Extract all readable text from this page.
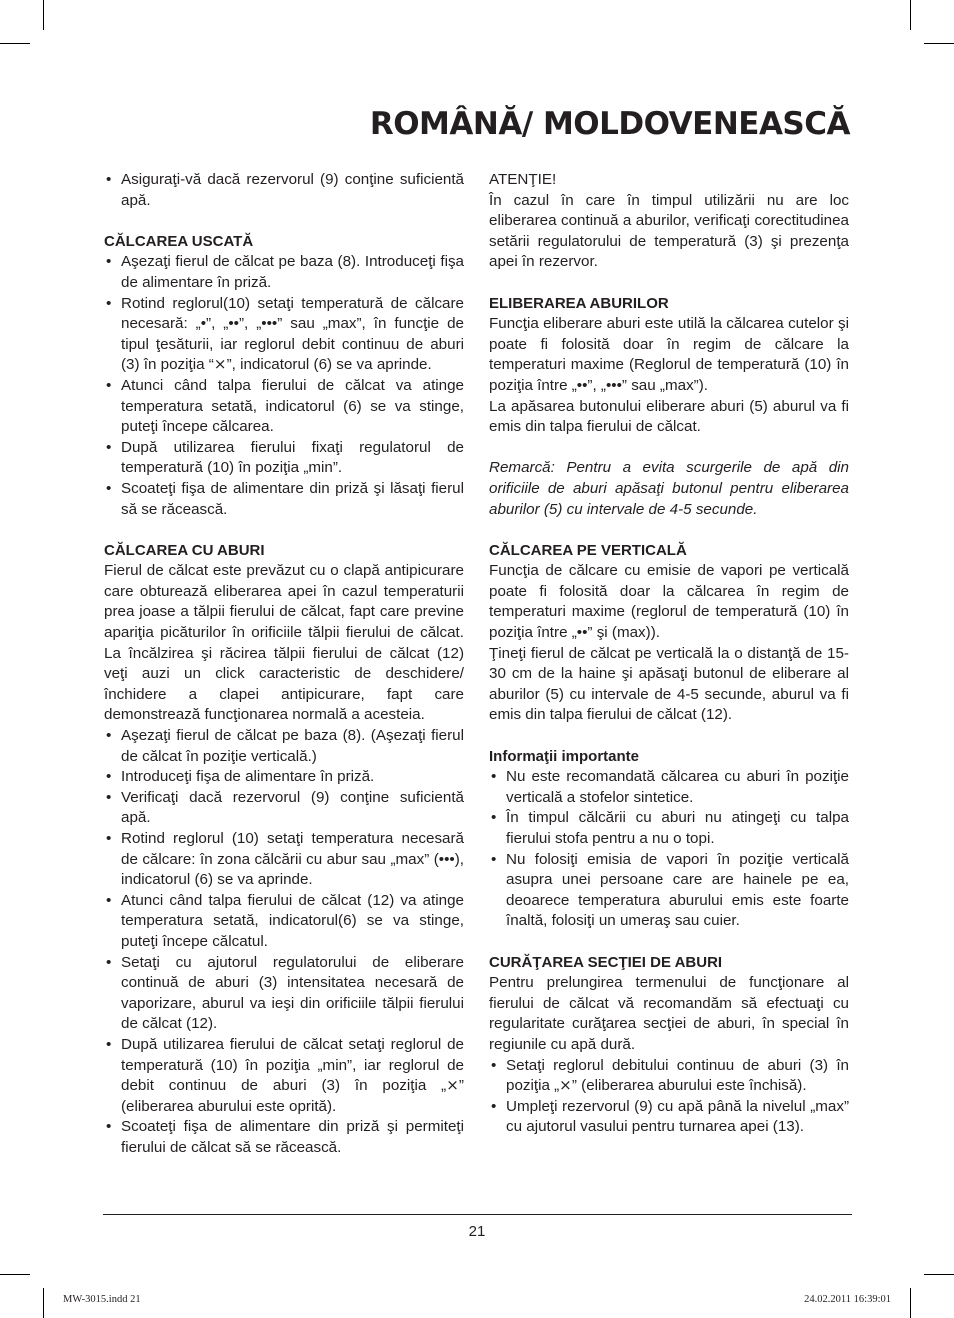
ROMÂNĂ/ MOLDOVENEASCĂ
• Asiguraţi-vă dacă rezervorul (9) conţine suficientă apă.
CĂLCAREA USCATĂ
• Aşezaţi fierul de călcat pe baza (8). Introduceţi fişa de alimentare în priză.
• Rotind reglorul(10) setaţi temperatură de călcare necesară: „•”, „••”, „•••” sau „max”, în funcţie de tipul ţesăturii, iar reglorul debit continuu de aburi (3) în poziţia “⨯”, indicatorul (6) se va aprinde.
• Atunci când talpa fierului de călcat va atinge temperatura setată, indicatorul (6) se va stinge, puteţi începe călcarea.
• După utilizarea fierului fixaţi regulatorul de temperatură (10) în poziţia „min”.
• Scoateţi fişa de alimentare din priză şi lăsaţi fierul să se răcească.
CĂLCAREA CU ABURI

Fierul de călcat este prevăzut cu o clapă antipicurare care obturează eliberarea apei în cazul temperaturii prea joase a tălpii fierului de călcat, fapt care previne apariţia picăturilor în orificiile tălpii fierului de călcat. La încălzirea şi răcirea tălpii fierului de călcat (12) veţi auzi un click caracteristic de deschidere/închidere a clapei antipicurare, fapt care demonstrează funcţionarea normală a acesteia.

• Aşezaţi fierul de călcat pe baza (8). (Aşezaţi fierul de călcat în poziţie verticală.)
• Introduceţi fişa de alimentare în priză.
• Verificaţi dacă rezervorul (9) conţine suficientă apă.
• Rotind reglorul (10) setaţi temperatura necesară de călcare: în zona călcării cu abur sau „max” (•••), indicatorul (6) se va aprinde.
• Atunci când talpa fierului de călcat (12) va atinge temperatura setată, indicatorul(6) se va stinge, puteţi începe călcatul.
• Setaţi cu ajutorul regulatorului de eliberare continuă de aburi (3) intensitatea necesară de vaporizare, aburul va ieşi din orificiile tălpii fierului de călcat (12).
• După utilizarea fierului de călcat setaţi reglorul de temperatură (10) în poziţia „min”, iar reglorul de debit continuu de aburi (3) în poziţia „⨯” (eliberarea aburului este oprită).
• Scoateţi fişa de alimentare din priză şi permiteţi fierului de călcat să se răcească.

ATENŢIE!

În cazul în care în timpul utilizării nu are loc eliberarea continuă a aburilor, verificaţi corectitudinea setării regulatorului de temperatură (3) şi prezenţa apei în rezervor.

ELIBERAREA ABURILOR

Funcţia eliberare aburi este utilă la călcarea cutelor şi poate fi folosită doar în regim de călcare la temperaturi maxime (Reglorul de temperatură (10) în poziţia între „••”, „•••” sau „max”).

La apăsarea butonului eliberare aburi (5) aburul va fi emis din talpa fierului de călcat.

Remarcă: Pentru a evita scurgerile de apă din orificiile de aburi apăsaţi butonul pentru eliberarea aburilor (5) cu intervale de 4-5 secunde.

CĂLCAREA PE VERTICALĂ

Funcţia de călcare cu emisie de vapori pe verticală poate fi folosită doar la călcarea în regim de temperaturi maxime (reglorul de temperatură (10) în poziţia între „••” şi (max)).

Ţineţi fierul de călcat pe verticală la o distanţă de 15-30 cm de la haine şi apăsaţi butonul de eliberare al aburilor (5) cu intervale de 4-5 secunde, aburul va fi emis din talpa fierului de călcat (12).

Informaţii importante
• Nu este recomandată călcarea cu aburi în poziţie verticală a stofelor sintetice.
• În timpul călcării cu aburi nu atingeţi cu talpa fierului stofa pentru a nu o topi.
• Nu folosiţi emisia de vapori în poziţie verticală asupra unei persoane care are hainele pe ea, deoarece temperatura aburului emis este foarte înaltă, folosiţi un umeraş sau cuier.
CURĂŢAREA SECŢIEI DE ABURI

Pentru prelungirea termenului de funcţionare al fierului de călcat vă recomandăm să efectuaţi cu regularitate curăţarea secţiei de aburi, în special în regiunile cu apă dură.

• Setaţi reglorul debitului continuu de aburi (3) în poziţia „⨯” (eliberarea aburului este închisă).
• Umpleţi rezervorul (9) cu apă până la nivelul „max” cu ajutorul vasului pentru turnarea apei (13).
21
MW-3015.indd 21	24.02.2011 16:39:01
